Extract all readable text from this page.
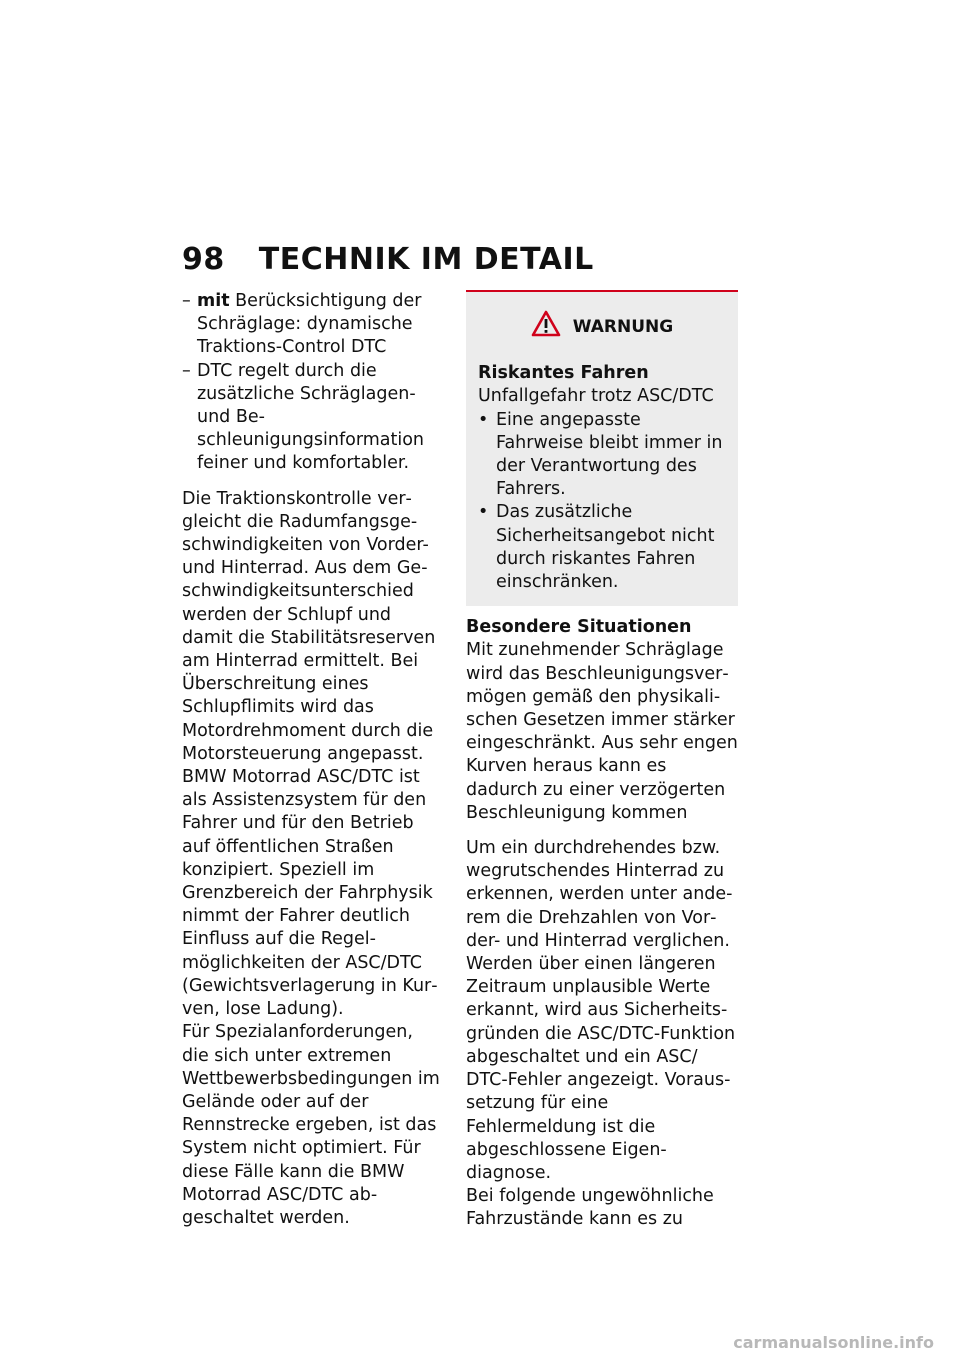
98 TECHNIK IM DETAIL
– mit Berücksichtigung der Schräglage: dynamische Traktions-Control DTC
– DTC regelt durch die zusätzliche Schräglagen- und Beschleunigungsinformation feiner und komfortabler.

Die Traktionskontrolle vergleicht die Radumfangsgeschwindigkeiten von Vorder- und Hinterrad. Aus dem Geschwindigkeitsunterschied werden der Schlupf und damit die Stabilitätsreserven am Hinterrad ermittelt. Bei Überschreitung eines Schlupflimits wird das Motordrehmoment durch die Motorsteuerung angepasst.

BMW Motorrad ASC/DTC ist als Assistenzsystem für den Fahrer und für den Betrieb auf öffentlichen Straßen konzipiert. Speziell im Grenzbereich der Fahrphysik nimmt der Fahrer deutlich Einfluss auf die Regelmöglichkeiten der ASC/DTC (Gewichtsverlagerung in Kurven, lose Ladung).

Für Spezialanforderungen, die sich unter extremen Wettbewerbsbedingungen im Gelände oder auf der Rennstrecke ergeben, ist das System nicht optimiert. Für diese Fälle kann die BMW Motorrad ASC/DTC abgeschaltet werden.

WARNUNG
Riskantes Fahren
Unfallgefahr trotz ASC/DTC
• Eine angepasste Fahrweise bleibt immer in der Verantwortung des Fahrers.
• Das zusätzliche Sicherheitsangebot nicht durch riskantes Fahren einschränken.
Besondere Situationen

Mit zunehmender Schräglage wird das Beschleunigungsvermögen gemäß den physikalischen Gesetzen immer stärker eingeschränkt. Aus sehr engen Kurven heraus kann es dadurch zu einer verzögerten Beschleunigung kommen

Um ein durchdrehendes bzw. wegrutschendes Hinterrad zu erkennen, werden unter anderem die Drehzahlen von Vorder- und Hinterrad verglichen. Werden über einen längeren Zeitraum unplausible Werte erkannt, wird aus Sicherheitsgründen die ASC/DTC-Funktion abgeschaltet und ein ASC/ DTC-Fehler angezeigt. Voraussetzung für eine Fehlermeldung ist die abgeschlossene Eigendiagnose.

Bei folgende ungewöhnliche Fahrzustände kann es zu

carmanualsonline.info
